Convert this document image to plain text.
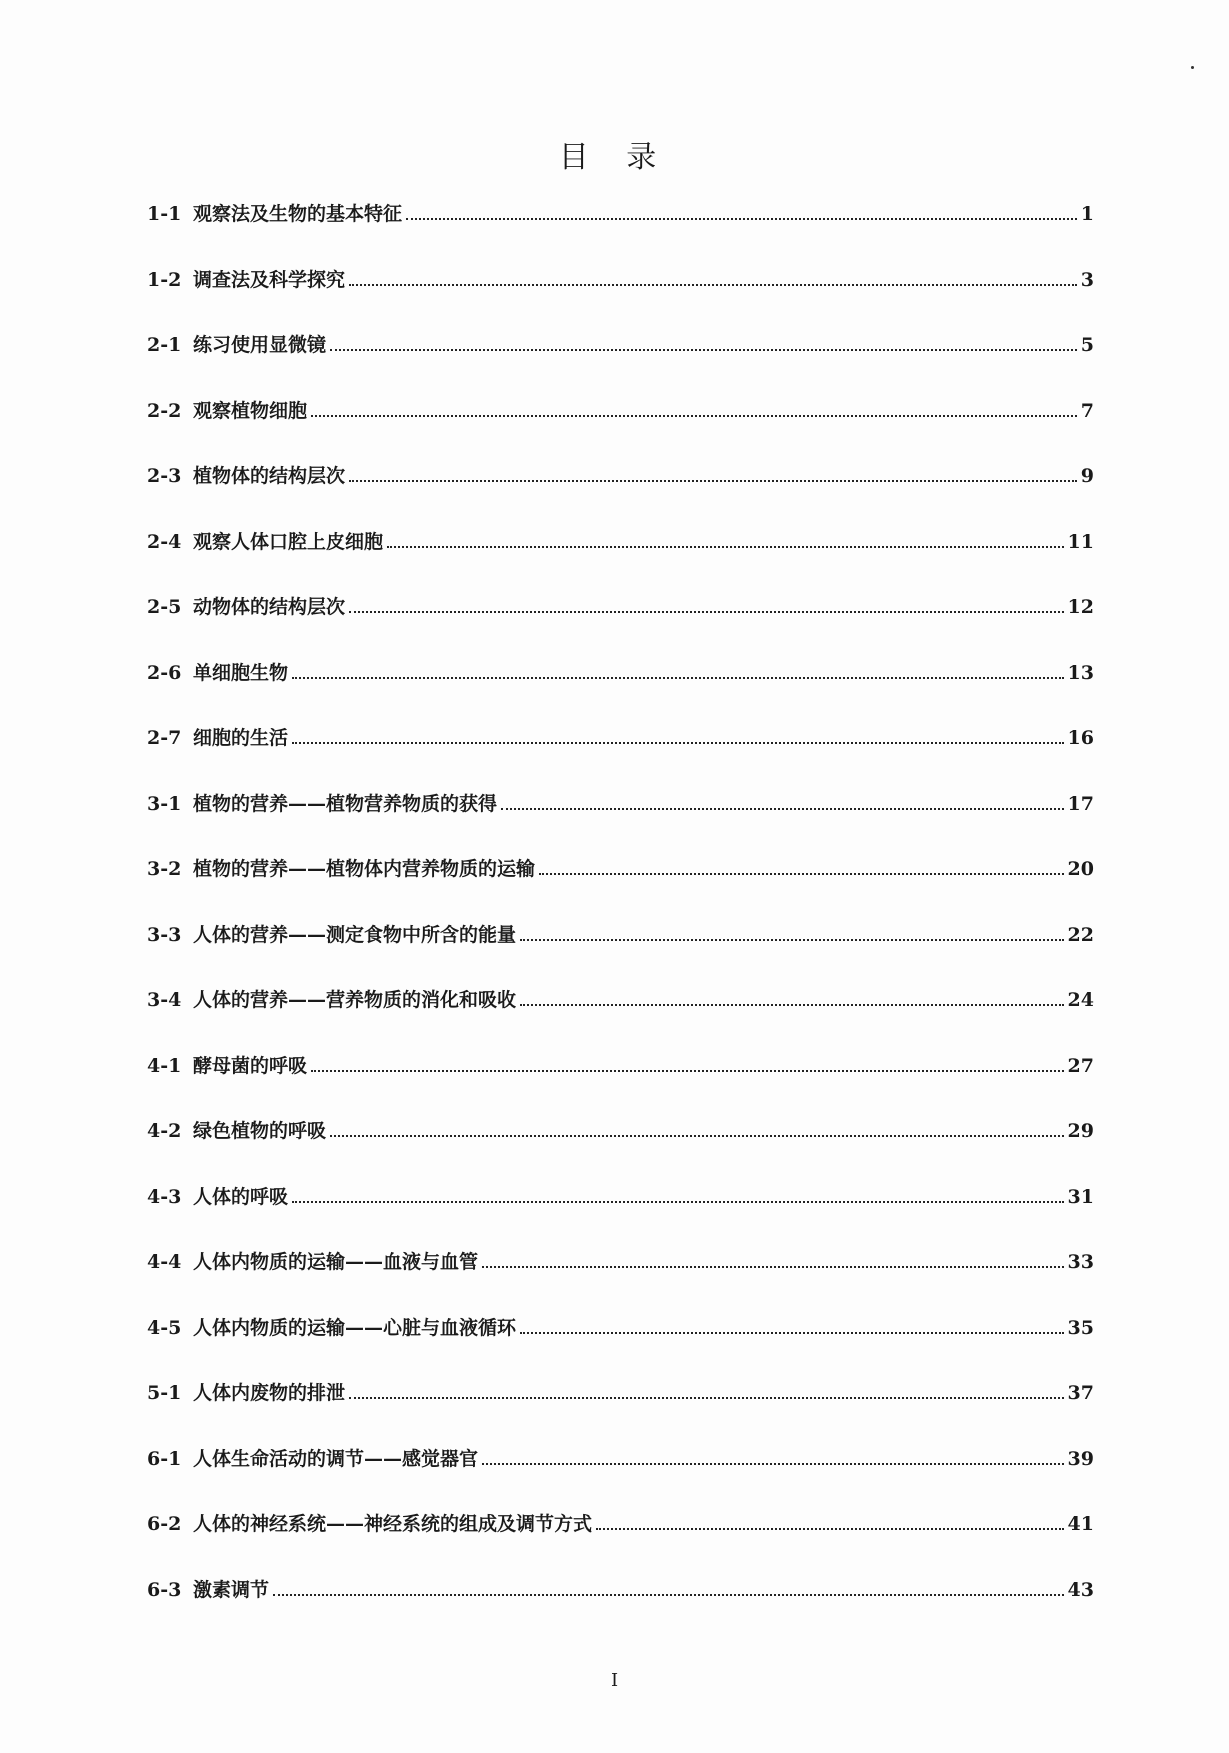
目 录
1-1 观察法及生物的基本特征	1
1-2 调查法及科学探究	3
2-1 练习使用显微镜	5
2-2 观察植物细胞	7
2-3 植物体的结构层次	9
2-4 观察人体口腔上皮细胞	11
2-5 动物体的结构层次	12
2-6 单细胞生物	13
2-7 细胞的生活	16
3-1 植物的营养——植物营养物质的获得	17
3-2 植物的营养——植物体内营养物质的运输	20
3-3 人体的营养——测定食物中所含的能量	22
3-4 人体的营养——营养物质的消化和吸收	24
4-1 酵母菌的呼吸	27
4-2 绿色植物的呼吸	29
4-3 人体的呼吸	31
4-4 人体内物质的运输——血液与血管	33
4-5 人体内物质的运输——心脏与血液循环	35
5-1 人体内废物的排泄	37
6-1 人体生命活动的调节——感觉器官	39
6-2 人体的神经系统——神经系统的组成及调节方式	41
6-3 激素调节	43
I
